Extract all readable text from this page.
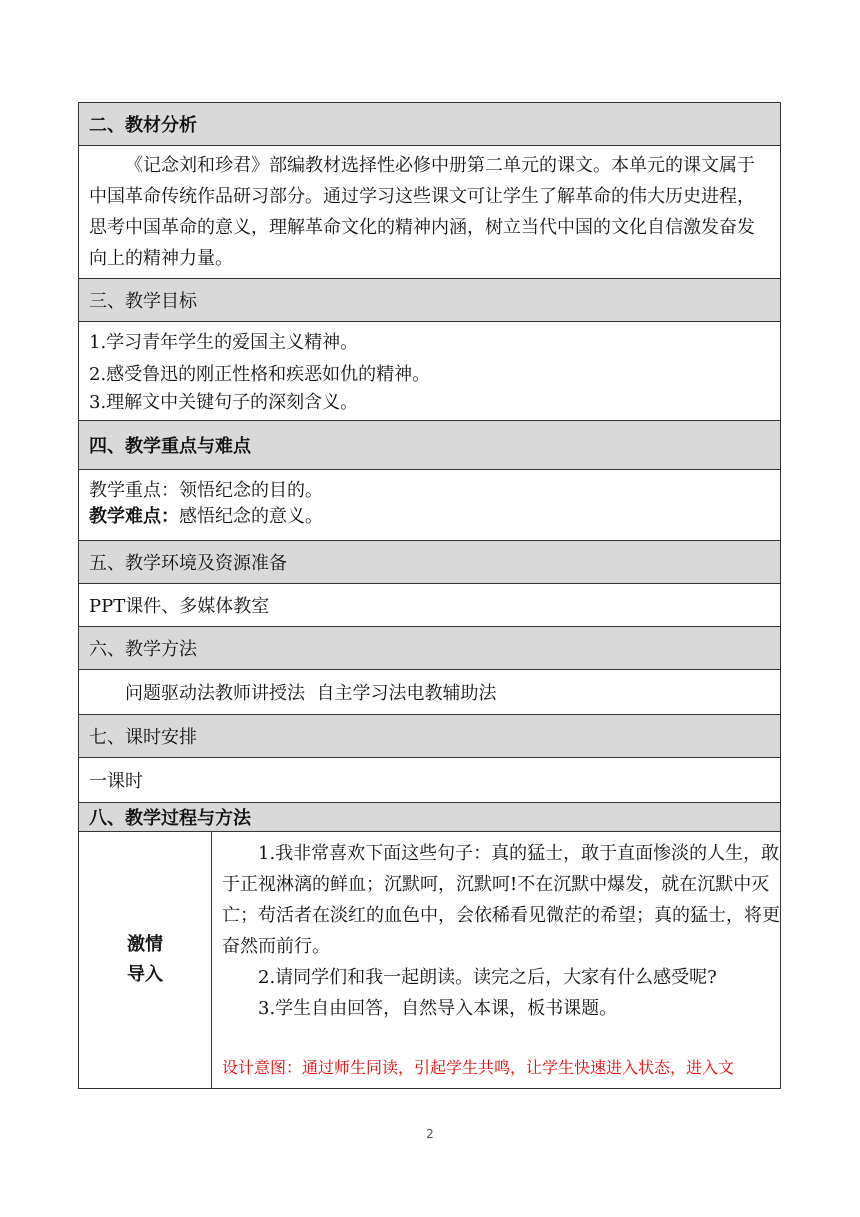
二、教材分析
《记念刘和珍君》部编教材选择性必修中册第二单元的课文。本单元的课文属于中国革命传统作品研习部分。通过学习这些课文可让学生了解革命的伟大历史进程，思考中国革命的意义，理解革命文化的精神内涵，树立当代中国的文化自信激发奋发向上的精神力量。
三、教学目标

1.学习青年学生的爱国主义精神。
2.感受鲁迅的刚正性格和疾恶如仇的精神。
3.理解文中关键句子的深刻含义。

四、教学重点与难点

教学重点：领悟纪念的目的。
教学难点：感悟纪念的意义。

五、教学环境及资源准备
PPT课件、多媒体教室
六、教学方法
问题驱动法教师讲授法  自主学习法电教辅助法
七、课时安排
一课时
八、教学过程与方法

激情
导入

1.我非常喜欢下面这些句子：真的猛士，敢于直面惨淡的人生，敢于正视淋漓的鲜血；沉默呵，沉默呵!不在沉默中爆发，就在沉默中灭亡；苟活者在淡红的血色中，会依稀看见微茫的希望；真的猛士，将更奋然而前行。
2.请同学们和我一起朗读。读完之后，大家有什么感受呢?
3.学生自由回答，自然导入本课，板书课题。
设计意图：通过师生同读，引起学生共鸣，让学生快速进入状态，进入文
2
